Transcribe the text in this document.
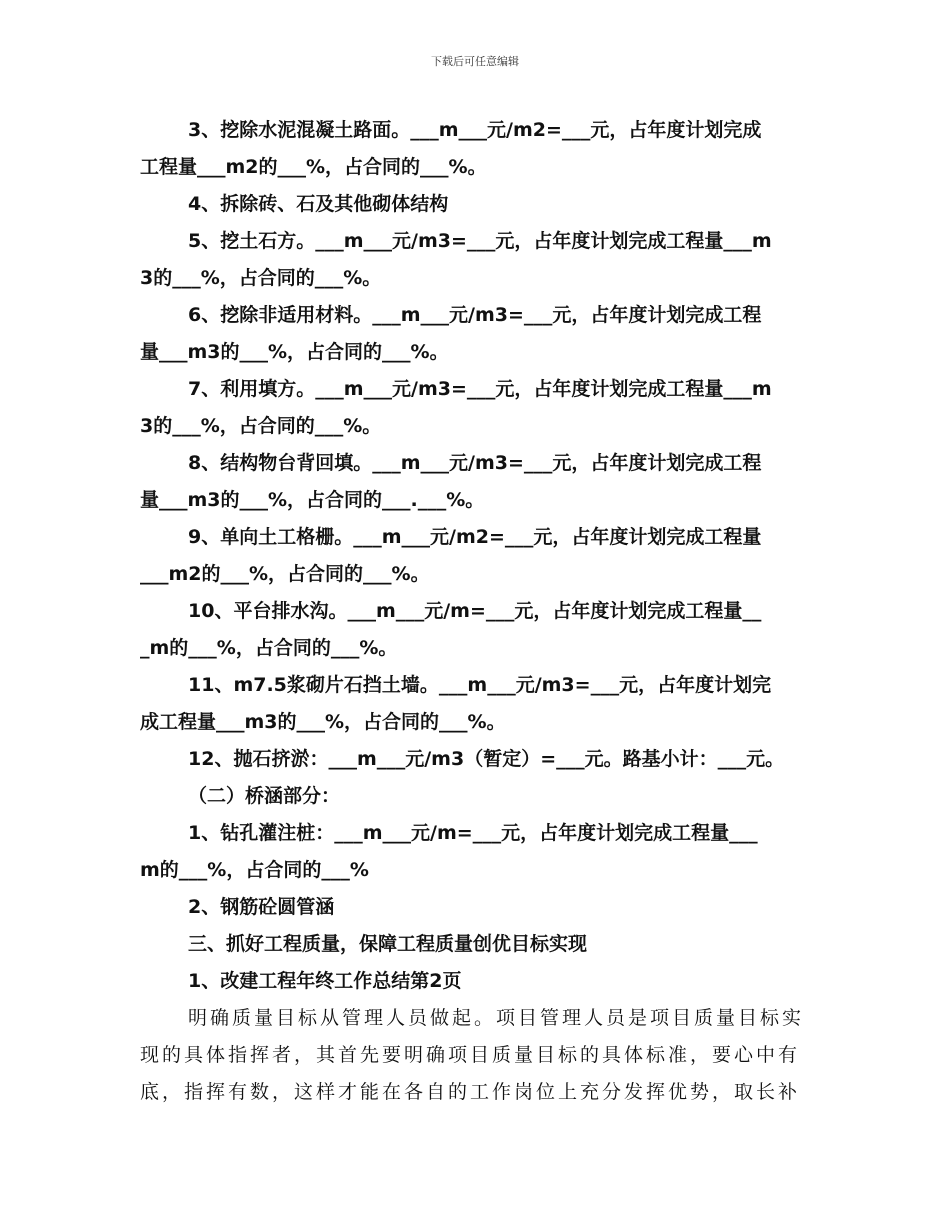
下载后可任意编辑
3、挖除水泥混凝土路面。___m___元/m2=___元，占年度计划完成
工程量___m2的___%，占合同的___%。
4、拆除砖、石及其他砌体结构
5、挖土石方。___m___元/m3=___元，占年度计划完成工程量___m
3的___%，占合同的___%。
6、挖除非适用材料。___m___元/m3=___元，占年度计划完成工程
量___m3的___%，占合同的___%。
7、利用填方。___m___元/m3=___元，占年度计划完成工程量___m
3的___%，占合同的___%。
8、结构物台背回填。___m___元/m3=___元，占年度计划完成工程
量___m3的___%，占合同的___.___%。
9、单向土工格栅。___m___元/m2=___元，占年度计划完成工程量
___m2的___%，占合同的___%。
10、平台排水沟。___m___元/m=___元，占年度计划完成工程量__
_m的___%，占合同的___%。
11、m7.5浆砌片石挡土墙。___m___元/m3=___元，占年度计划完
成工程量___m3的___%，占合同的___%。
12、抛石挤淤：___m___元/m3（暂定）=___元。路基小计：___元。
（二）桥涵部分：
1、钻孔灌注桩：___m___元/m=___元，占年度计划完成工程量___
m的___%，占合同的___%
2、钢筋砼圆管涵
三、抓好工程质量，保障工程质量创优目标实现
1、改建工程年终工作总结第2页
明确质量目标从管理人员做起。项目管理人员是项目质量目标实
现的具体指挥者，其首先要明确项目质量目标的具体标准，要心中有
底，指挥有数，这样才能在各自的工作岗位上充分发挥优势，取长补
